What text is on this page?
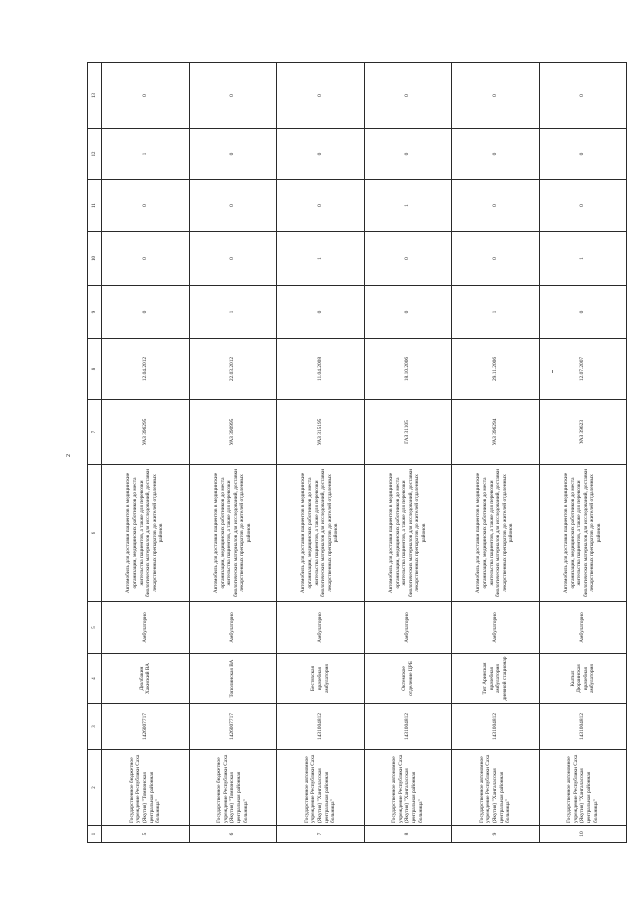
2
1	2	3	4	5	6	7	8	9	10	11	12	13
5	Государственное бюджетное учреждение Республики Саха (Якутия) "Томпонская центральная районная больница"	1426007717	Дюлбакин Хакнский ВА	Амбулаторно	Автомобиль для доставки пациентов в медицинские организации, медицинских работников до места жительства пациентов, а также для перевозки биологических материалов для исследований, доставки лекарственных препаратов до жителей отдаленных районов	УАЗ 396295	12.04.2012	0	0	0	1	0
6	Государственное бюджетное учреждение Республики Саха (Якутия) "Томпонская центральная районная больница"	1426007717	Тополинская ВА	Амбулаторно	Автомобиль для доставки пациентов в медицинские организации, медицинских работников до места жительства пациентов, а также для перевозки биологических материалов для исследований, доставки лекарственных препаратов до жителей отдаленных районов	УАЗ 390995	22.03.2012	1	0	0	0	0
7	Государственное автономное учреждение Республики Саха (Якутия) "Хангаласская центральная районная больница"	1431004812	Бестяхская врачебная амбулатория	Амбулаторно	Автомобиль для доставки пациентов в медицинские организации, медицинских работников до места жительства пациентов, а также для перевозки биологических материалов для исследований, доставки лекарственных препаратов до жителей отдаленных районов	УАЗ 315195	11.04.2008	0	1	0	0	0
8	Государственное автономное учреждение Республики Саха (Якутия) "Хангаласская центральная районная больница"	1431004812	Октемское отделение ЦРБ	Амбулаторно	Автомобиль для доставки пациентов в медицинские организации, медицинских работников до места жительства пациентов, а также для перевозки биологических материалов для исследований, доставки лекарственных препаратов до жителей отдаленных районов	ГАЗ 31105	18.10.2006	0	0	1	0	0
9	Государственное автономное учреждение Республики Саха (Якутия) "Хангаласская центральная районная больница"	1431004812	Тит Аринская врачебная амбулатория дневной стационар	Амбулаторно	Автомобиль для доставки пациентов в медицинские организации, медицинских работников до места жительства пациентов, а также для перевозки биологических материалов для исследований, доставки лекарственных препаратов до жителей отдаленных районов	УАЗ 396294	29.11.2006	1	0	0	0	0
10	Государственное автономное учреждение Республики Саха (Якутия) "Хангаласская центральная районная больница"	1431004812	Кытыл Дюраинская врачебная амбулатория	Амбулаторно	Автомобиль для доставки пациентов в медицинские организации, медицинских работников до места жительства пациентов, а также для перевозки биологических материалов для исследований, доставки лекарственных препаратов до жителей отдаленных районов	УАЗ 39623	12.07.2007	0	1	0	0	0
